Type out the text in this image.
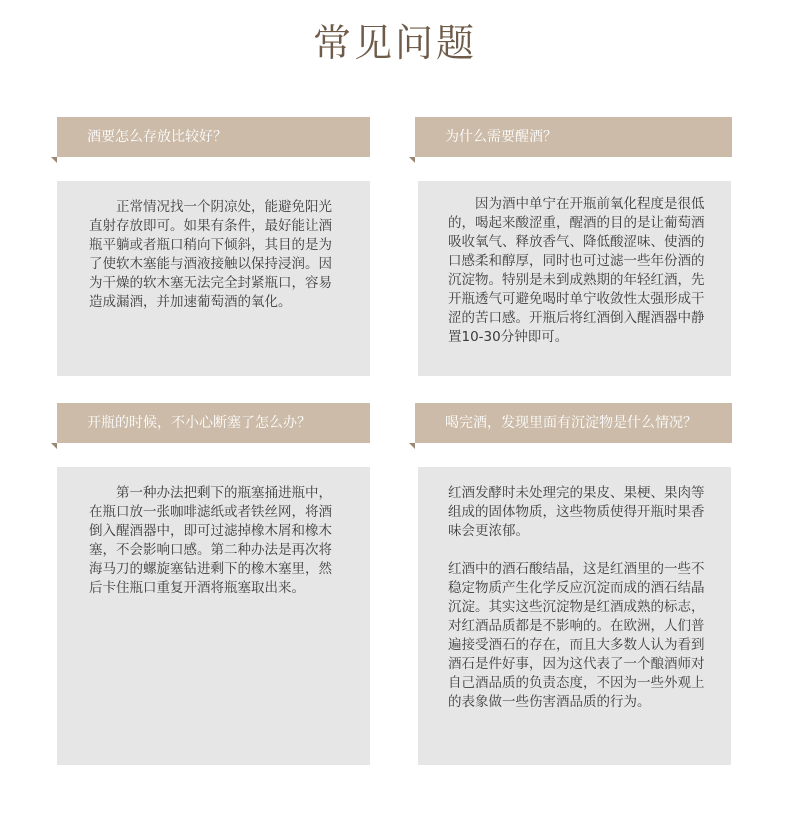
常见问题
酒要怎么存放比较好？

　　正常情况找一个阴凉处，能避免阳光直射存放即可。如果有条件，最好能让酒瓶平躺或者瓶口稍向下倾斜，其目的是为了使软木塞能与酒液接触以保持浸润。因为干燥的软木塞无法完全封紧瓶口，容易造成漏酒，并加速葡萄酒的氧化。

为什么需要醒酒？

　　因为酒中单宁在开瓶前氧化程度是很低的，喝起来酸涩重，醒酒的目的是让葡萄酒吸收氧气、释放香气、降低酸涩味、使酒的口感柔和醇厚，同时也可过滤一些年份酒的沉淀物。特别是未到成熟期的年轻红酒，先开瓶透气可避免喝时单宁收敛性太强形成干涩的苦口感。开瓶后将红酒倒入醒酒器中静置10-30分钟即可。

开瓶的时候，不小心断塞了怎么办？

　　第一种办法把剩下的瓶塞捅进瓶中，在瓶口放一张咖啡滤纸或者铁丝网，将酒倒入醒酒器中，即可过滤掉橡木屑和橡木塞，不会影响口感。第二种办法是再次将海马刀的螺旋塞钻进剩下的橡木塞里，然后卡住瓶口重复开酒将瓶塞取出来。

喝完酒，发现里面有沉淀物是什么情况？

红酒发酵时未处理完的果皮、果梗、果肉等组成的固体物质，这些物质使得开瓶时果香味会更浓郁。

红酒中的酒石酸结晶，这是红酒里的一些不稳定物质产生化学反应沉淀而成的酒石结晶沉淀。其实这些沉淀物是红酒成熟的标志，对红酒品质都是不影响的。在欧洲，人们普遍接受酒石的存在，而且大多数人认为看到酒石是件好事，因为这代表了一个酿酒师对自己酒品质的负责态度，不因为一些外观上的表象做一些伤害酒品质的行为。
